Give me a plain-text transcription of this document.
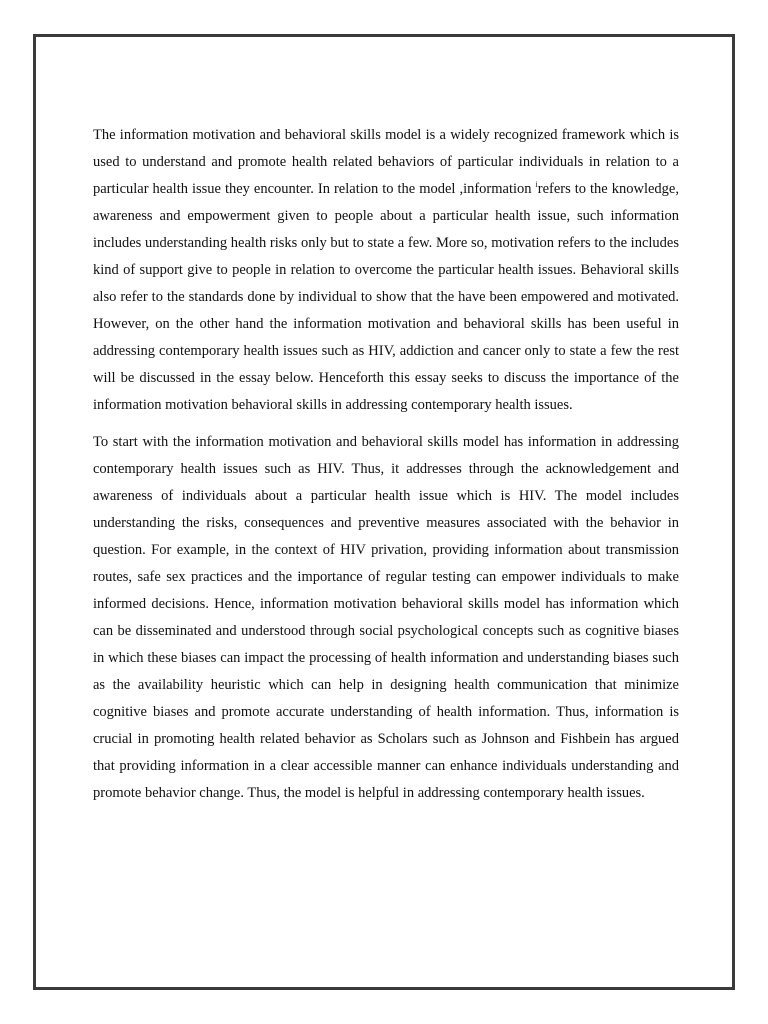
The information motivation and behavioral skills model is a widely recognized framework which is used to understand and promote health related behaviors of particular individuals in relation to a particular health issue they encounter. In relation to the model ,information $^i$refers to the knowledge, awareness and empowerment given to people about a particular health issue, such information includes understanding health risks only but to state a few. More so, motivation refers to the includes kind of support give to people in relation to overcome the particular health issues. Behavioral skills also refer to the standards done by individual to show that the have been empowered and motivated. However, on the other hand the information motivation and behavioral skills has been useful in addressing contemporary health issues such as HIV, addiction and cancer only to state a few the rest will be discussed in the essay below. Henceforth this essay seeks to discuss the importance of the information motivation behavioral skills in addressing contemporary health issues.

To start with the information motivation and behavioral skills model has information in addressing contemporary health issues such as HIV. Thus, it addresses through the acknowledgement and awareness of individuals about a particular health issue which is HIV. The model includes understanding the risks, consequences and preventive measures associated with the behavior in question. For example, in the context of HIV privation, providing information about transmission routes, safe sex practices and the importance of regular testing can empower individuals to make informed decisions. Hence, information motivation behavioral skills model has information which can be disseminated and understood through social psychological concepts such as cognitive biases in which these biases can impact the processing of health information and understanding biases such as the availability heuristic which can help in designing health communication that minimize cognitive biases and promote accurate understanding of health information. Thus, information is crucial in promoting health related behavior as Scholars such as Johnson and Fishbein has argued that providing information in a clear accessible manner can enhance individuals understanding and promote behavior change. Thus, the model is helpful in addressing contemporary health issues.
